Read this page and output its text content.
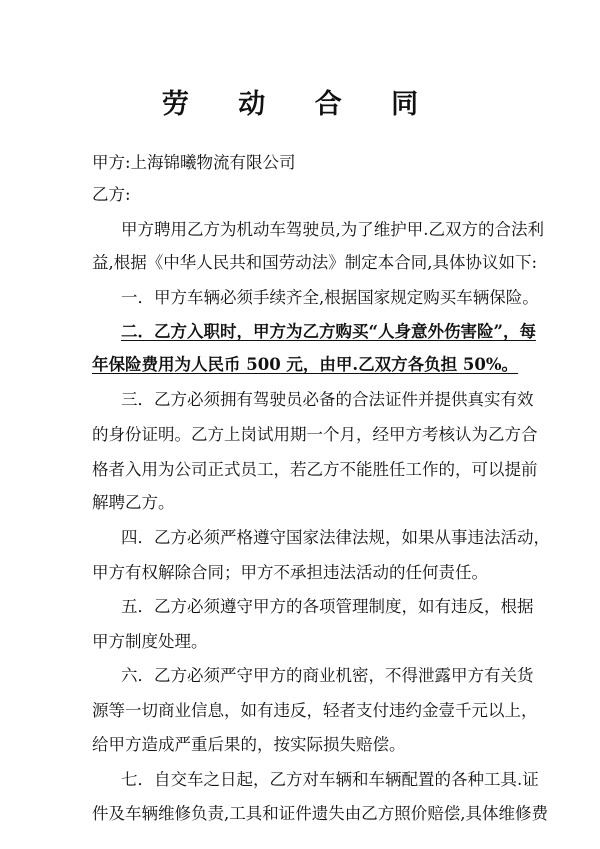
劳 动 合 同
甲方:上海锦曦物流有限公司
乙方:
甲方聘用乙方为机动车驾驶员,为了维护甲.乙双方的合法利
益,根据《中华人民共和国劳动法》制定本合同,具体协议如下:
一．甲方车辆必须手续齐全,根据国家规定购买车辆保险。
二．乙方入职时，甲方为乙方购买“人身意外伤害险”，每
年保险费用为人民币 500 元，由甲.乙双方各负担 50%。
三．乙方必须拥有驾驶员必备的合法证件并提供真实有效
的身份证明。乙方上岗试用期一个月，经甲方考核认为乙方合
格者入用为公司正式员工，若乙方不能胜任工作的，可以提前
解聘乙方。
四．乙方必须严格遵守国家法律法规，如果从事违法活动，
甲方有权解除合同；甲方不承担违法活动的任何责任。
五．乙方必须遵守甲方的各项管理制度，如有违反，根据
甲方制度处理。
六．乙方必须严守甲方的商业机密，不得泄露甲方有关货
源等一切商业信息，如有违反，轻者支付违约金壹千元以上，
给甲方造成严重后果的，按实际损失赔偿。
七．自交车之日起，乙方对车辆和车辆配置的各种工具.证
件及车辆维修负责,工具和证件遗失由乙方照价赔偿,具体维修费
